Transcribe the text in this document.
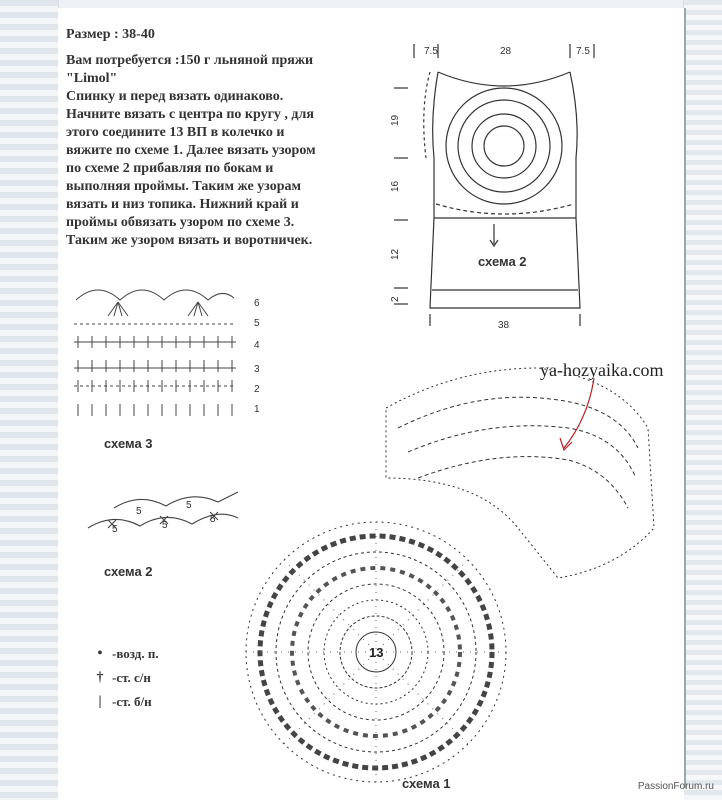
Размер : 38-40

Вам потребуется :150 г льняной пряжи

"Limol"

Спинку и перед вязать одинаково.

Начните вязать с центра по кругу , для

этого соедините 13 ВП в колечко и

вяжите по схеме 1. Далее вязать узором

по схеме 2 прибавляя по бокам и

выполняя проймы. Таким же узорам

вязать и низ топика. Нижний край и

проймы обвязать узором по схеме 3.

Таким же узором вязать и воротничек.

7.5	28	7.5
19
16
12
2
38
схема 2
6
5
4
3
2
1
5	5
5
5
5
13
схема 3
схема 2
схема 1
• -возд. п.
† -ст. с/н
| -ст. б/н
ya-hozyaika.com
PassionForum.ru
